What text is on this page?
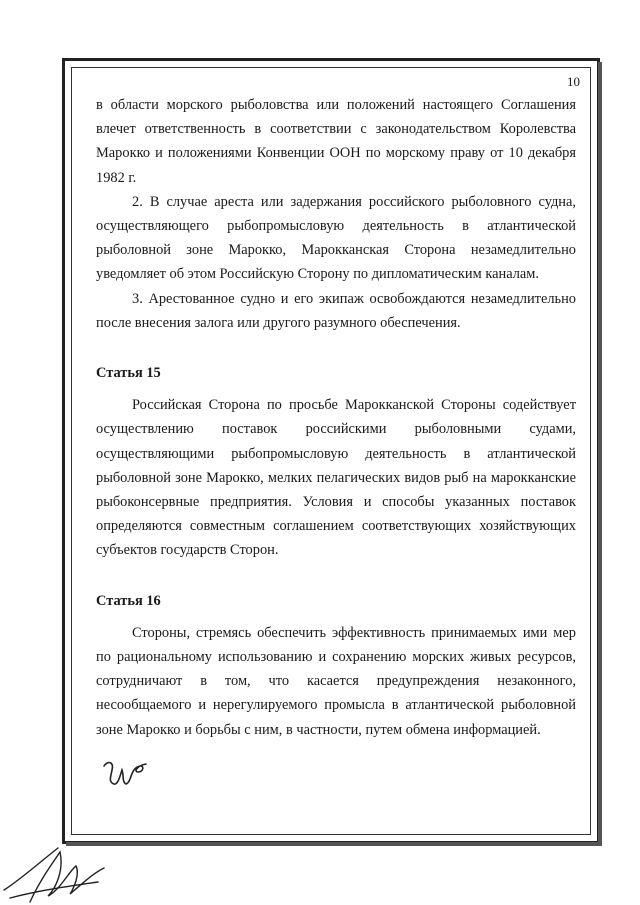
10

в области морского рыболовства или положений настоящего Соглашения влечет ответственность в соответствии с законодательством Королевства Марокко и положениями Конвенции ООН по морскому праву от 10 декабря 1982 г.

2. В случае ареста или задержания российского рыболовного судна, осуществляющего рыбопромысловую деятельность в атлантической рыболовной зоне Марокко, Марокканская Сторона незамедлительно уведомляет об этом Российскую Сторону по дипломатическим каналам.

3. Арестованное судно и его экипаж освобождаются незамедлительно после внесения залога или другого разумного обеспечения.

Статья 15

Российская Сторона по просьбе Марокканской Стороны содействует осуществлению поставок российскими рыболовными судами, осуществляющими рыбопромысловую деятельность в атлантической рыболовной зоне Марокко, мелких пелагических видов рыб на марокканские рыбоконсервные предприятия. Условия и способы указанных поставок определяются совместным соглашением соответствующих хозяйствующих субъектов государств Сторон.

Статья 16

Стороны, стремясь обеспечить эффективность принимаемых ими мер по рациональному использованию и сохранению морских живых ресурсов, сотрудничают в том, что касается предупреждения незаконного, несообщаемого и нерегулируемого промысла в атлантической рыболовной зоне Марокко и борьбы с ним, в частности, путем обмена информацией.
